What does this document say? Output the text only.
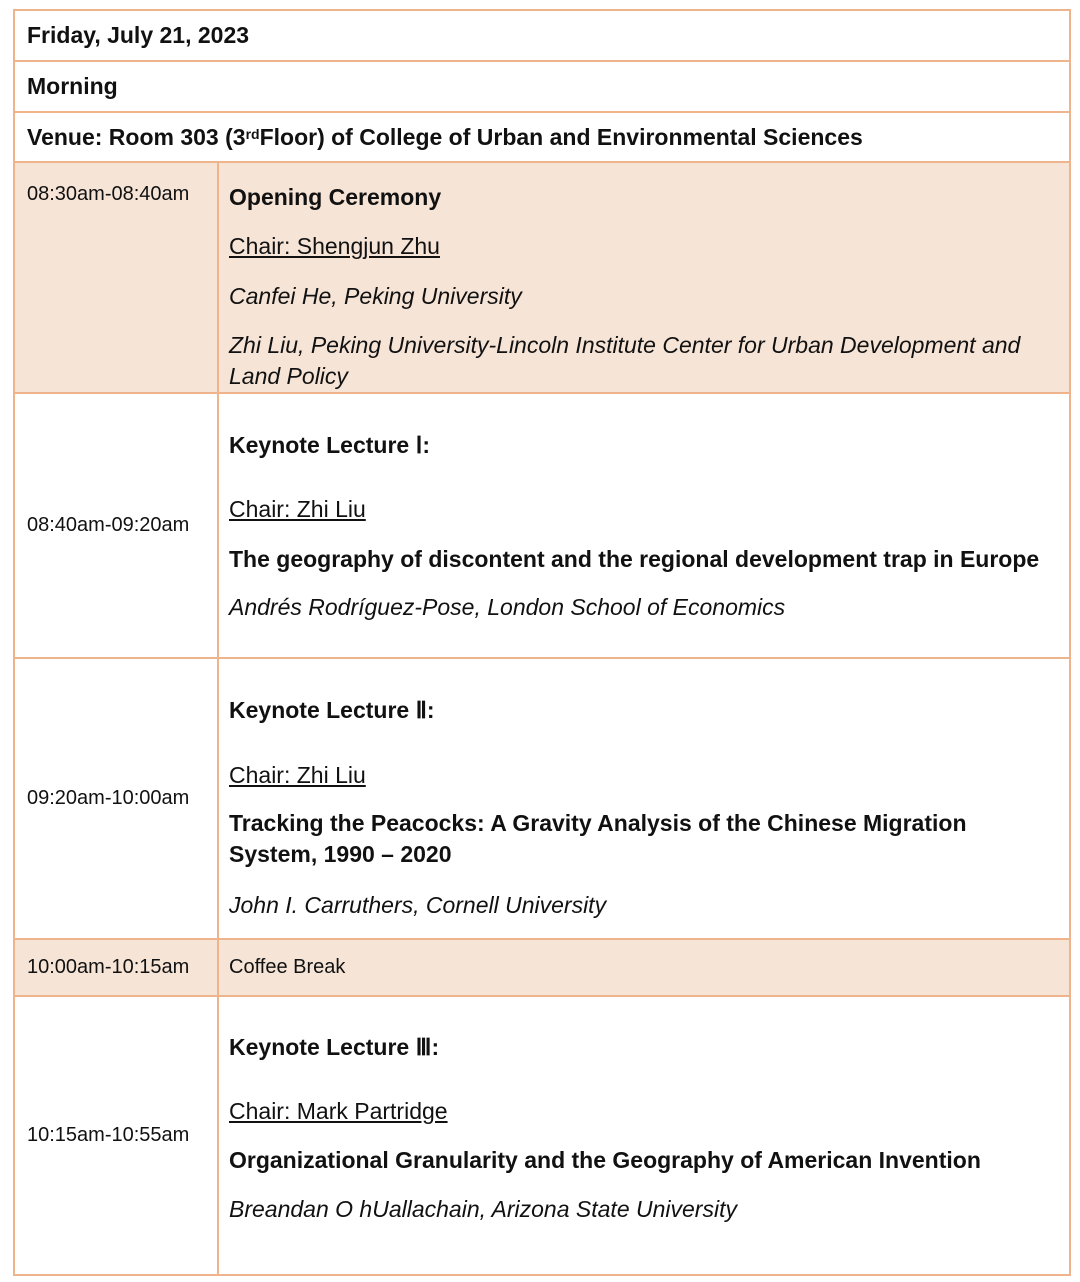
Friday, July 21, 2023
Morning
Venue: Room 303 (3rd Floor) of College of Urban and Environmental Sciences
08:30am-08:40am Opening Ceremony

Chair: Shengjun Zhu

Canfei He, Peking University

Zhi Liu, Peking University-Lincoln Institute Center for Urban Development and Land Policy

08:40am-09:20am

Keynote Lecture Ⅰ:

Chair: Zhi Liu

The geography of discontent and the regional development trap in Europe

Andrés Rodríguez-Pose, London School of Economics

09:20am-10:00am

Keynote Lecture Ⅱ:

Chair: Zhi Liu

Tracking the Peacocks: A Gravity Analysis of the Chinese Migration System, 1990 – 2020

John I. Carruthers, Cornell University

10:00am-10:15am Coffee Break
10:15am-10:55am

Keynote Lecture Ⅲ:

Chair: Mark Partridge

Organizational Granularity and the Geography of American Invention

Breandan O hUallachain, Arizona State University
